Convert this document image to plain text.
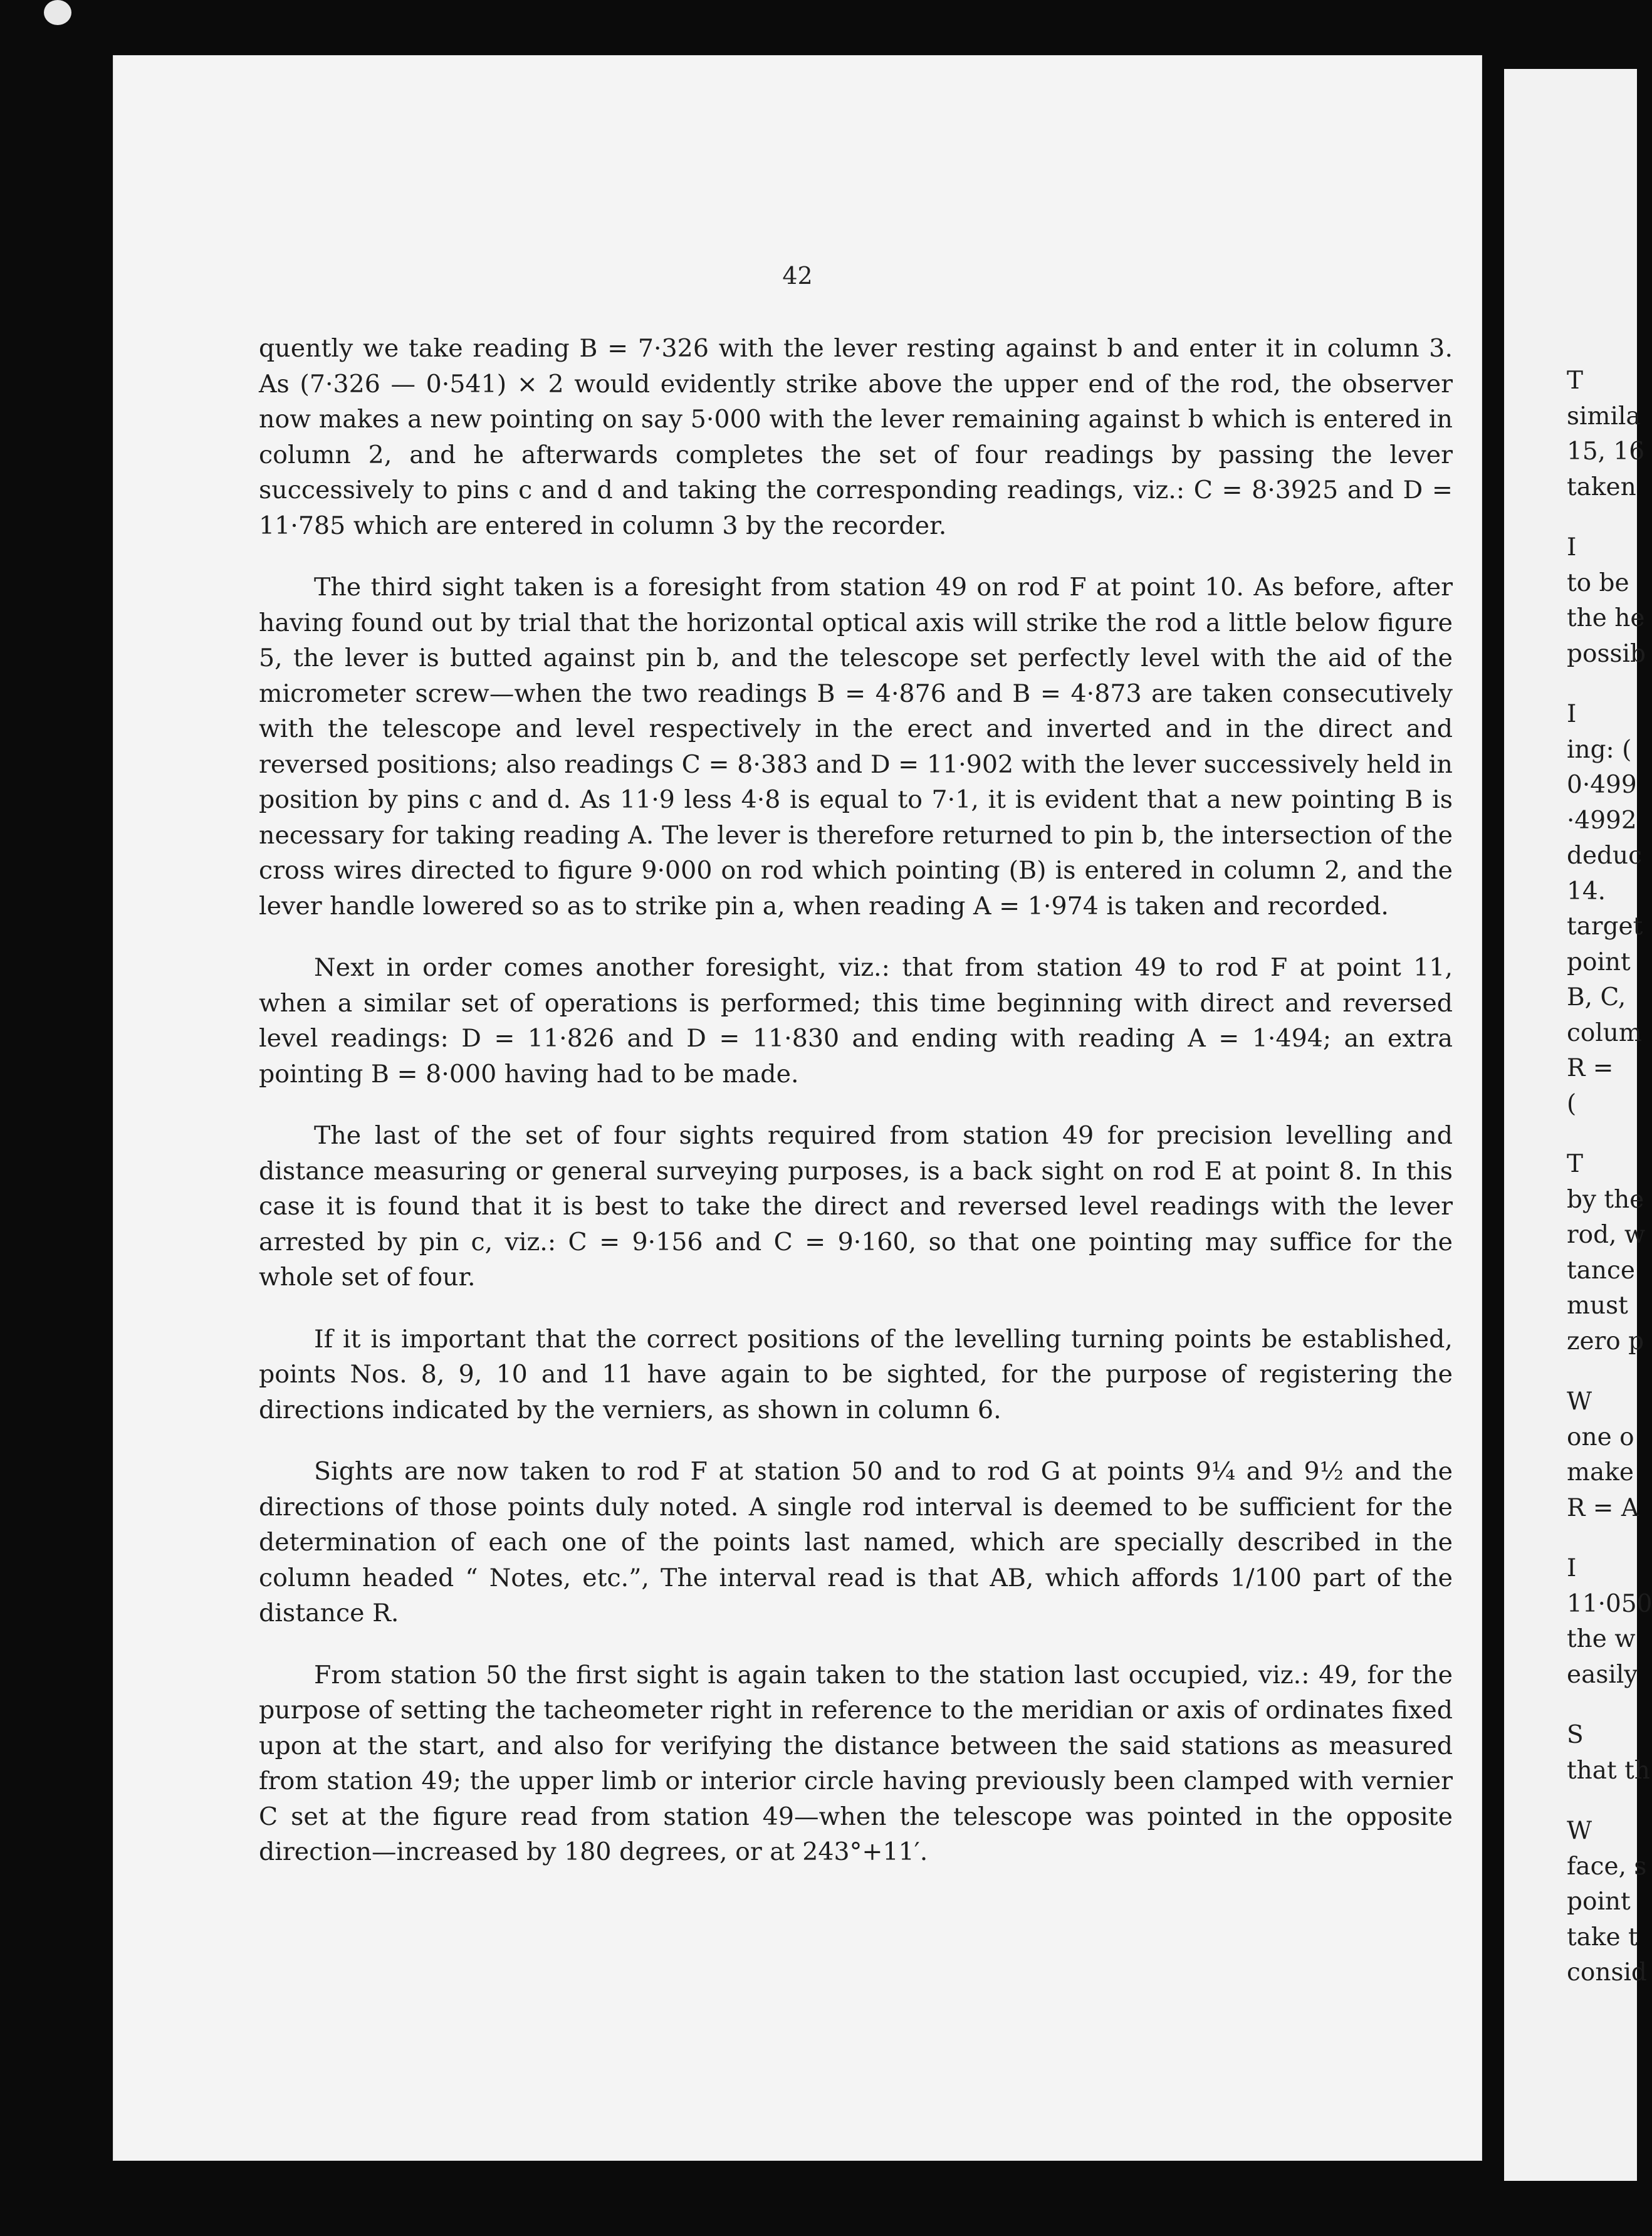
42

quently we take reading B = 7·326 with the lever resting against b and enter it in column 3. As (7·326 — 0·541) × 2 would evidently strike above the upper end of the rod, the observer now makes a new pointing on say 5·000 with the lever remaining against b which is entered in column 2, and he afterwards completes the set of four readings by passing the lever successively to pins c and d and taking the corresponding readings, viz.: C = 8·3925 and D = 11·785 which are entered in column 3 by the recorder.

The third sight taken is a foresight from station 49 on rod F at point 10. As before, after having found out by trial that the horizontal optical axis will strike the rod a little below figure 5, the lever is butted against pin b, and the telescope set perfectly level with the aid of the micrometer screw—when the two readings B = 4·876 and B = 4·873 are taken consecutively with the telescope and level respectively in the erect and inverted and in the direct and reversed positions; also readings C = 8·383 and D = 11·902 with the lever successively held in position by pins c and d. As 11·9 less 4·8 is equal to 7·1, it is evident that a new pointing B is necessary for taking reading A. The lever is therefore returned to pin b, the intersection of the cross wires directed to figure 9·000 on rod which pointing (B) is entered in column 2, and the lever handle lowered so as to strike pin a, when reading A = 1·974 is taken and recorded.

Next in order comes another foresight, viz.: that from station 49 to rod F at point 11, when a similar set of operations is performed; this time beginning with direct and reversed level readings: D = 11·826 and D = 11·830 and ending with reading A = 1·494; an extra pointing B = 8·000 having had to be made.

The last of the set of four sights required from station 49 for precision levelling and distance measuring or general surveying purposes, is a back sight on rod E at point 8. In this case it is found that it is best to take the direct and reversed level readings with the lever arrested by pin c, viz.: C = 9·156 and C = 9·160, so that one pointing may suffice for the whole set of four.

If it is important that the correct positions of the levelling turning points be established, points Nos. 8, 9, 10 and 11 have again to be sighted, for the purpose of registering the directions indicated by the verniers, as shown in column 6.

Sights are now taken to rod F at station 50 and to rod G at points 9¼ and 9½ and the directions of those points duly noted. A single rod interval is deemed to be sufficient for the determination of each one of the points last named, which are specially described in the column headed “ Notes, etc.”, The interval read is that AB, which affords 1/100 part of the distance R.

From station 50 the first sight is again taken to the station last occupied, viz.: 49, for the purpose of setting the tacheometer right in reference to the meridian or axis of ordinates fixed upon at the start, and also for verifying the distance between the said stations as measured from station 49; the upper limb or interior circle having previously been clamped with vernier C set at the figure read from station 49—when the telescope was pointed in the opposite direction—increased by 180 degrees, or at 243°+11′.

T
simila
15, 16
taken
I
to be
the he
possib
I
ing: (
0·499
·4992
deduc
14.
target
point
B, C,
colum
R =
(
T
by the
rod, w
tance
must
zero p
W
one o
make
R = A
I
11·050
the w
easily
S
that th
W
face, s
point
take t
consid
